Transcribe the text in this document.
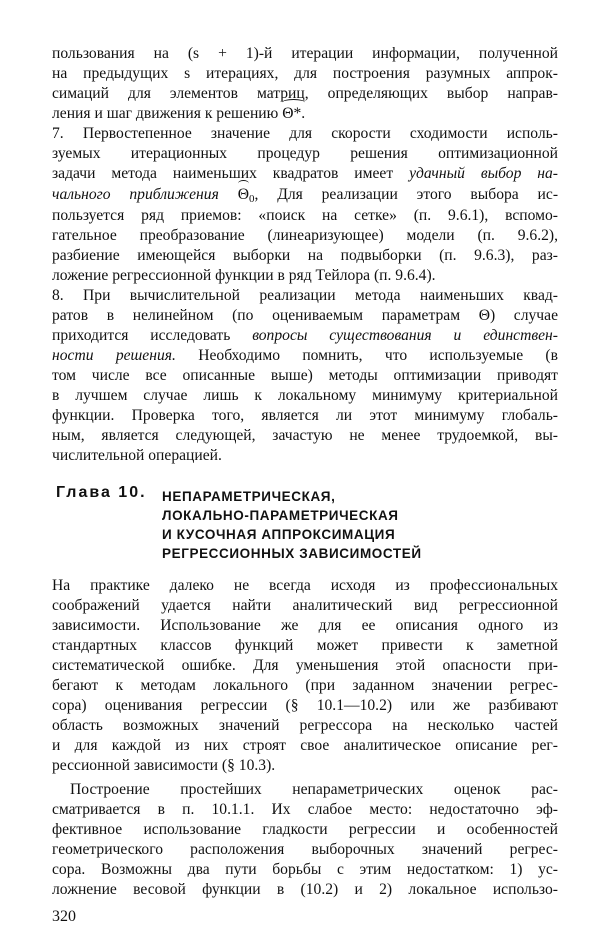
пользования на (s + 1)-й итерации информации, полученной
на предыдущих s итерациях, для построения разумных аппрок-
симаций для элементов матриц, определяющих выбор направ-
ления и шаг движения к решению Θ*.
7. Первостепенное значение для скорости сходимости исполь-
зуемых итерационных процедур решения оптимизационной
задачи метода наименьших квадратов имеет удачный выбор на-
чального приближения Θ0, Для реализации этого выбора ис-
пользуется ряд приемов: «поиск на сетке» (п. 9.6.1), вспомо-
гательное преобразование (линеаризующее) модели (п. 9.6.2),
разбиение имеющейся выборки на подвыборки (п. 9.6.3), раз-
ложение регрессионной функции в ряд Тейлора (п. 9.6.4).
8. При вычислительной реализации метода наименьших квад-
ратов в нелинейном (по оцениваемым параметрам Θ) случае
приходится исследовать вопросы существования и единствен-
ности решения. Необходимо помнить, что используемые (в
том числе все описанные выше) методы оптимизации приводят
в лучшем случае лишь к локальному минимуму критериальной
функции. Проверка того, является ли этот минимуму глобаль-
ным, является следующей, зачастую не менее трудоемкой, вы-
числительной операцией.
Глава 10. НЕПАРАМЕТРИЧЕСКАЯ,
ЛОКАЛЬНО-ПАРАМЕТРИЧЕСКАЯ
И КУСОЧНАЯ АППРОКСИМАЦИЯ
РЕГРЕССИОННЫХ ЗАВИСИМОСТЕЙ
На практике далеко не всегда исходя из профессиональных
соображений удается найти аналитический вид регрессионной
зависимости. Использование же для ее описания одного из
стандартных классов функций может привести к заметной
систематической ошибке. Для уменьшения этой опасности при-
бегают к методам локального (при заданном значении регрес-
сора) оценивания регрессии (§ 10.1—10.2) или же разбивают
область возможных значений регрессора на несколько частей
и для каждой из них строят свое аналитическое описание рег-
рессионной зависимости (§ 10.3).
Построение простейших непараметрических оценок рас-
сматривается в п. 10.1.1. Их слабое место: недостаточно эф-
фективное использование гладкости регрессии и особенностей
геометрического расположения выборочных значений регрес-
сора. Возможны два пути борьбы с этим недостатком: 1) ус-
ложнение весовой функции в (10.2) и 2) локальное использо-
320
